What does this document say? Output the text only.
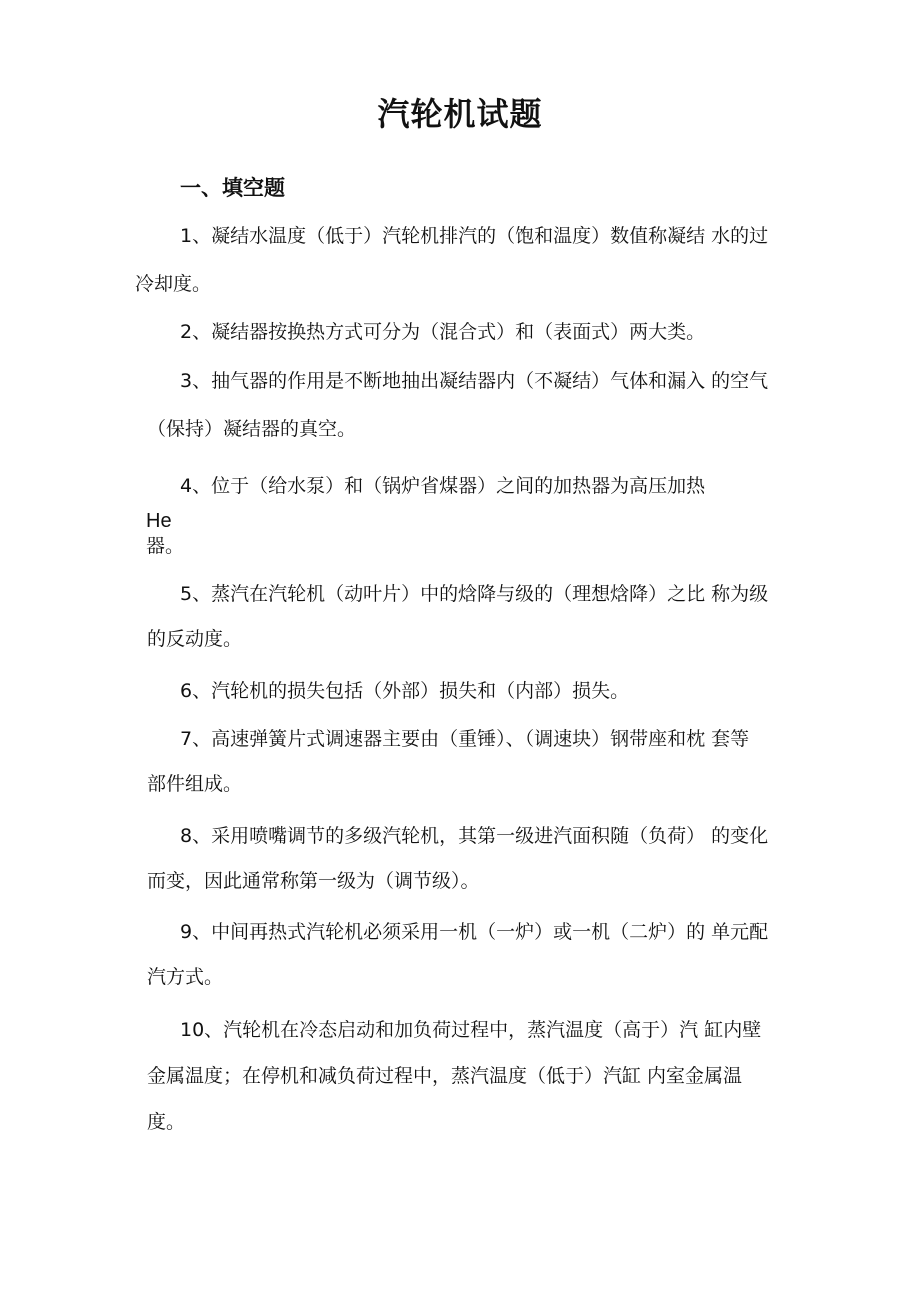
汽轮机试题
一、填空题
1、凝结水温度（低于）汽轮机排汽的（饱和温度）数值称凝结 水的过
冷却度。
2、凝结器按换热方式可分为（混合式）和（表面式）两大类。
3、抽气器的作用是不断地抽出凝结器内（不凝结）气体和漏入 的空气
（保持）凝结器的真空。
4、位于（给水泵）和（锅炉省煤器）之间的加热器为高压加热
He
器。
5、蒸汽在汽轮机（动叶片）中的焓降与级的（理想焓降）之比 称为级
的反动度。
6、汽轮机的损失包括（外部）损失和（内部）损失。
7、高速弹簧片式调速器主要由（重锤）、（调速块）钢带座和枕 套等
部件组成。
8、采用喷嘴调节的多级汽轮机，其第一级进汽面积随（负荷） 的变化
而变，因此通常称第一级为（调节级）。
9、中间再热式汽轮机必须采用一机（一炉）或一机（二炉）的 单元配
汽方式。
10、汽轮机在冷态启动和加负荷过程中，蒸汽温度（高于）汽 缸内壁
金属温度；在停机和减负荷过程中，蒸汽温度（低于）汽缸 内室金属温
度。
